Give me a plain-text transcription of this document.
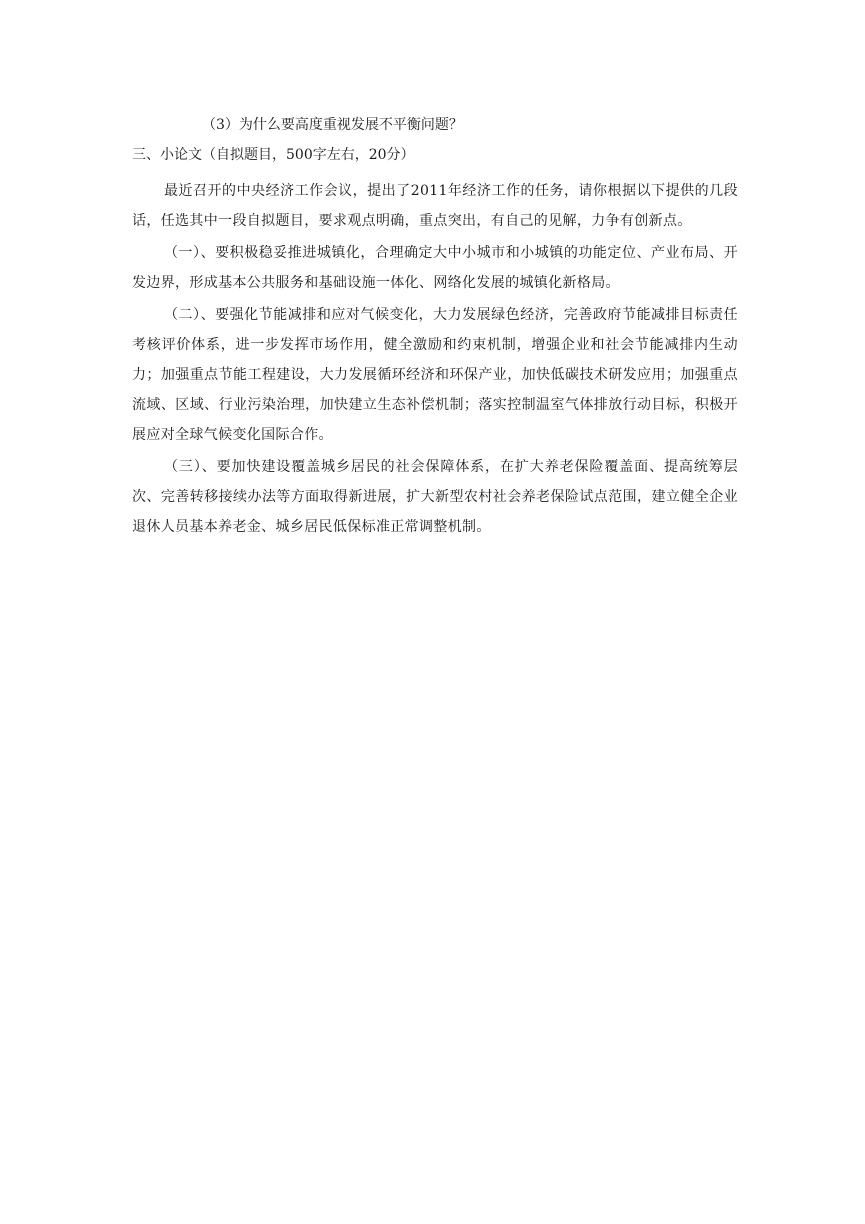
（3）为什么要高度重视发展不平衡问题？

三、小论文（自拟题目，500字左右，20分）

最近召开的中央经济工作会议，提出了2011年经济工作的任务，请你根据以下提供的几段话，任选其中一段自拟题目，要求观点明确，重点突出，有自己的见解，力争有创新点。

（一）、要积极稳妥推进城镇化，合理确定大中小城市和小城镇的功能定位、产业布局、开发边界，形成基本公共服务和基础设施一体化、网络化发展的城镇化新格局。

（二）、要强化节能减排和应对气候变化，大力发展绿色经济，完善政府节能减排目标责任考核评价体系，进一步发挥市场作用，健全激励和约束机制，增强企业和社会节能减排内生动力；加强重点节能工程建设，大力发展循环经济和环保产业，加快低碳技术研发应用；加强重点流域、区域、行业污染治理，加快建立生态补偿机制；落实控制温室气体排放行动目标，积极开展应对全球气候变化国际合作。

（三）、要加快建设覆盖城乡居民的社会保障体系，在扩大养老保险覆盖面、提高统筹层次、完善转移接续办法等方面取得新进展，扩大新型农村社会养老保险试点范围，建立健全企业退休人员基本养老金、城乡居民低保标准正常调整机制。
